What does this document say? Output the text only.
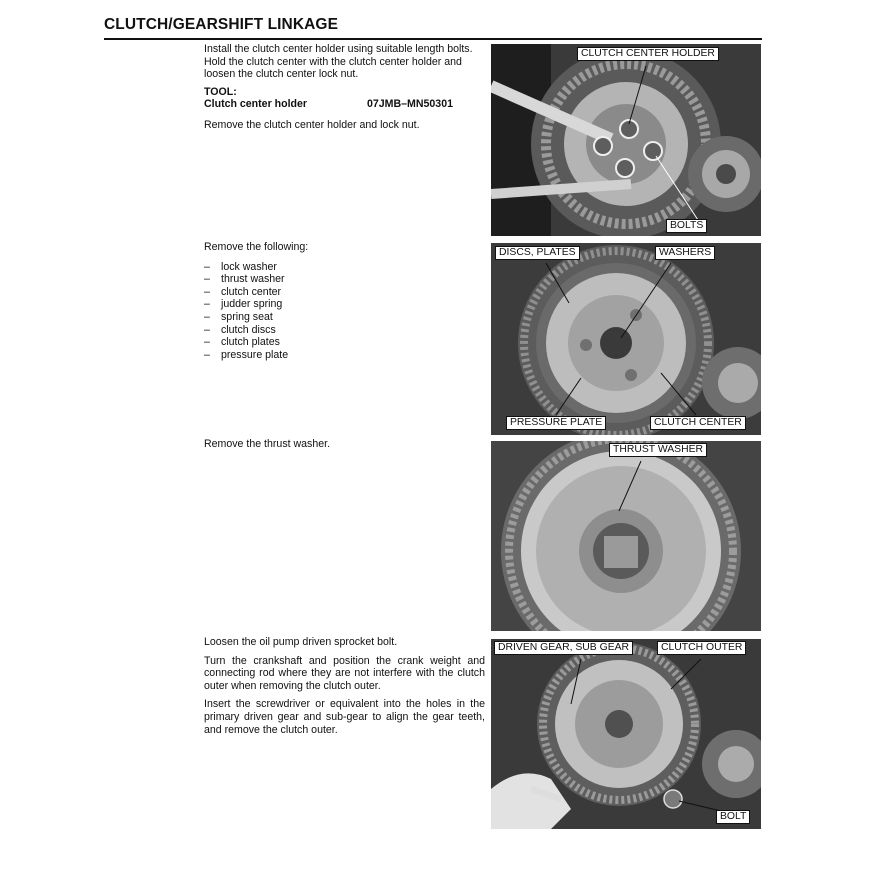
CLUTCH/GEARSHIFT LINKAGE

Install the clutch center holder using suitable length bolts.

Hold the clutch center with the clutch center holder and loosen the clutch center lock nut.

TOOL:
Clutch center holder	07JMB–MN50301

Remove the clutch center holder and lock nut.

Remove the following:

– lock washer
– thrust washer
– clutch center
– judder spring
– spring seat
– clutch discs
– clutch plates
– pressure plate

Remove the thrust washer.

Loosen the oil pump driven sprocket bolt.

Turn the crankshaft and position the crank weight and connecting rod where they are not interfere with the clutch outer when removing the clutch outer.

Insert the screwdriver or equivalent into the holes in the primary driven gear and sub-gear to align the gear teeth, and remove the clutch outer.

CLUTCH CENTER HOLDER
BOLTS
DISCS, PLATES	WASHERS
PRESSURE PLATE	CLUTCH CENTER
THRUST WASHER
DRIVEN GEAR, SUB GEAR	CLUTCH OUTER
BOLT
